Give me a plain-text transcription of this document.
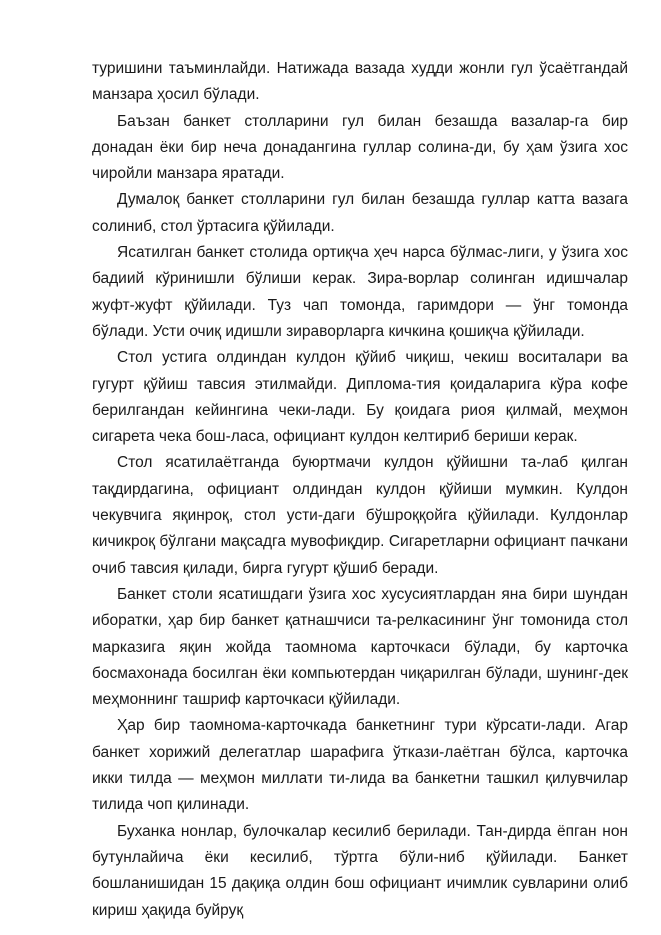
туришини таъминлайди. Натижада вазада худди жонли гул ўсаётгандай манзара ҳосил бўлади.

Баъзан банкет столларини гул билан безашда вазалар-га бир донадан ёки бир неча донадангина гуллар солина-ди, бу ҳам ўзига хос чиройли манзара яратади.

Думалоқ банкет столларини гул билан безашда гуллар катта вазага солиниб, стол ўртасига қўйилади.

Ясатилган банкет столида ортиқча ҳеч нарса бўлмас-лиги, у ўзига хос бадиий кўринишли бўлиши керак. Зира-ворлар солинган идишчалар жуфт-жуфт қўйилади. Туз чап томонда, гаримдори — ўнг томонда бўлади. Усти очиқ идишли зираворларга кичкина қошиқча қўйилади.

Стол устига олдиндан кулдон қўйиб чиқиш, чекиш воситалари ва гугурт қўйиш тавсия этилмайди. Диплома-тия қоидаларига кўра кофе берилгандан кейингина чеки-лади. Бу қоидага риоя қилмай, меҳмон сигарета чека бош-ласа, официант кулдон келтириб бериши керак.

Стол ясатилаётганда буюртмачи кулдон қўйишни та-лаб қилган тақдирдагина, официант олдиндан кулдон қўйиши мумкин. Кулдон чекувчига яқинроқ, стол усти-даги бўшроққойга қўйилади. Кулдонлар кичикроқ бўлгани мақсадга мувофиқдир. Сигаретларни официант пачкани очиб тавсия қилади, бирга гугурт қўшиб беради.

Банкет столи ясатишдаги ўзига хос хусусиятлардан яна бири шундан иборатки, ҳар бир банкет қатнашчиси та-релкасининг ўнг томонида стол марказига яқин жойда таомнома карточкаси бўлади, бу карточка босмахонада босилган ёки компьютердан чиқарилган бўлади, шунинг-дек меҳмоннинг ташриф карточкаси қўйилади.

Ҳар бир таомнома-карточкада банкетнинг тури кўрсати-лади. Агар банкет хорижий делегатлар шарафига ўткази-лаётган бўлса, карточка икки тилда — меҳмон миллати ти-лида ва банкетни ташкил қилувчилар тилида чоп қилинади.

Буханка нонлар, булочкалар кесилиб берилади. Тан-дирда ёпган нон бутунлайича ёки кесилиб, тўртга бўли-ниб қўйилади. Банкет бошланишидан 15 дақиқа олдин бош официант ичимлик сувларини олиб кириш ҳақида буйруқ
